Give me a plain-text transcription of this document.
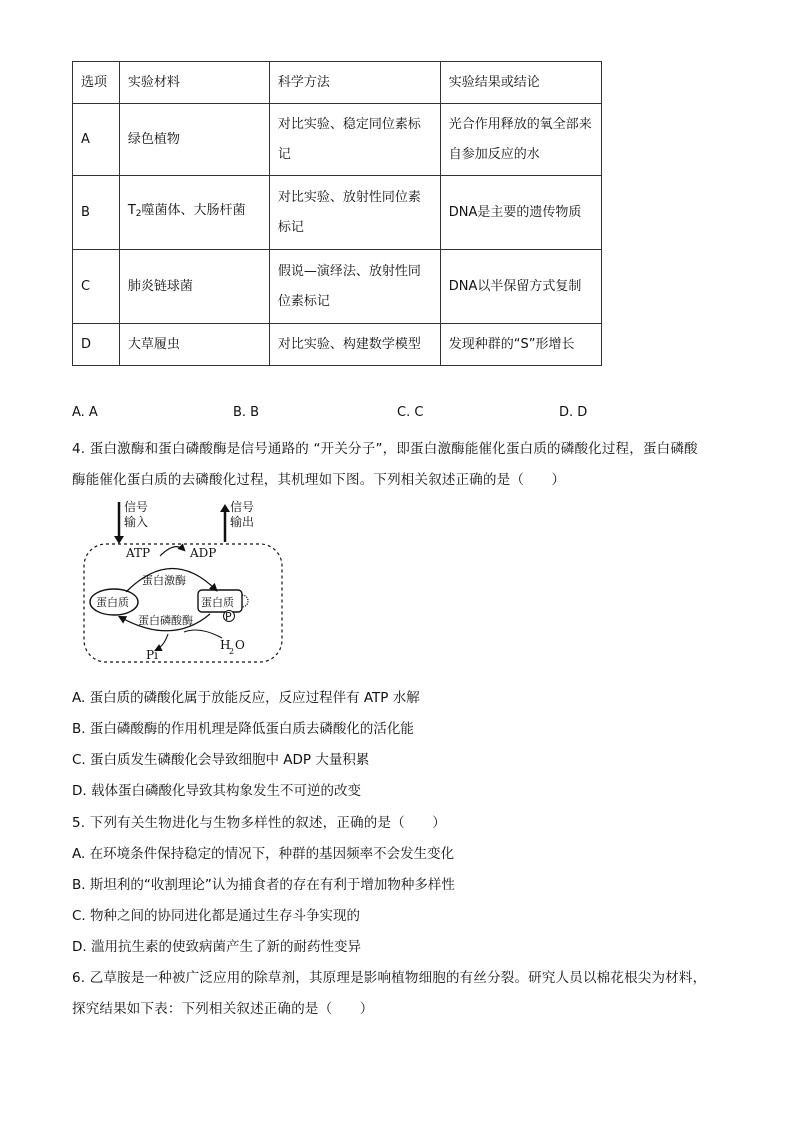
选项	实验材料	科学方法	实验结果或结论
A	绿色植物	对比实验、稳定同位素标记	光合作用释放的氧全部来自参加反应的水
B	$T_2$噬菌体、大肠杆菌	对比实验、放射性同位素标记	DNA是主要的遗传物质
C	肺炎链球菌	假说—演绎法、放射性同位素标记	DNA以半保留方式复制
D	大草履虫	对比实验、构建数学模型	发现种群的“S”形增长
A. A	B. B	C. C	D. D
4. 蛋白激酶和蛋白磷酸酶是信号通路的 “开关分子”，即蛋白激酶能催化蛋白质的磷酸化过程，蛋白磷酸
酶能催化蛋白质的去磷酸化过程，其机理如下图。下列相关叙述正确的是（　　）
信号
输入
信号
输出
ATP	ADP
蛋白激酶
蛋白质	蛋白质
P
蛋白磷酸酶
H
2 O
Pi
A. 蛋白质的磷酸化属于放能反应，反应过程伴有 ATP 水解
B. 蛋白磷酸酶的作用机理是降低蛋白质去磷酸化的活化能
C. 蛋白质发生磷酸化会导致细胞中 ADP 大量积累
D. 载体蛋白磷酸化导致其构象发生不可逆的改变
5. 下列有关生物进化与生物多样性的叙述，正确的是（　　）
A. 在环境条件保持稳定的情况下，种群的基因频率不会发生变化
B. 斯坦利的“收割理论”认为捕食者的存在有利于增加物种多样性
C. 物种之间的协同进化都是通过生存斗争实现的
D. 滥用抗生素的使致病菌产生了新的耐药性变异
6. 乙草胺是一种被广泛应用的除草剂，其原理是影响植物细胞的有丝分裂。研究人员以棉花根尖为材料，
探究结果如下表：下列相关叙述正确的是（　　）
